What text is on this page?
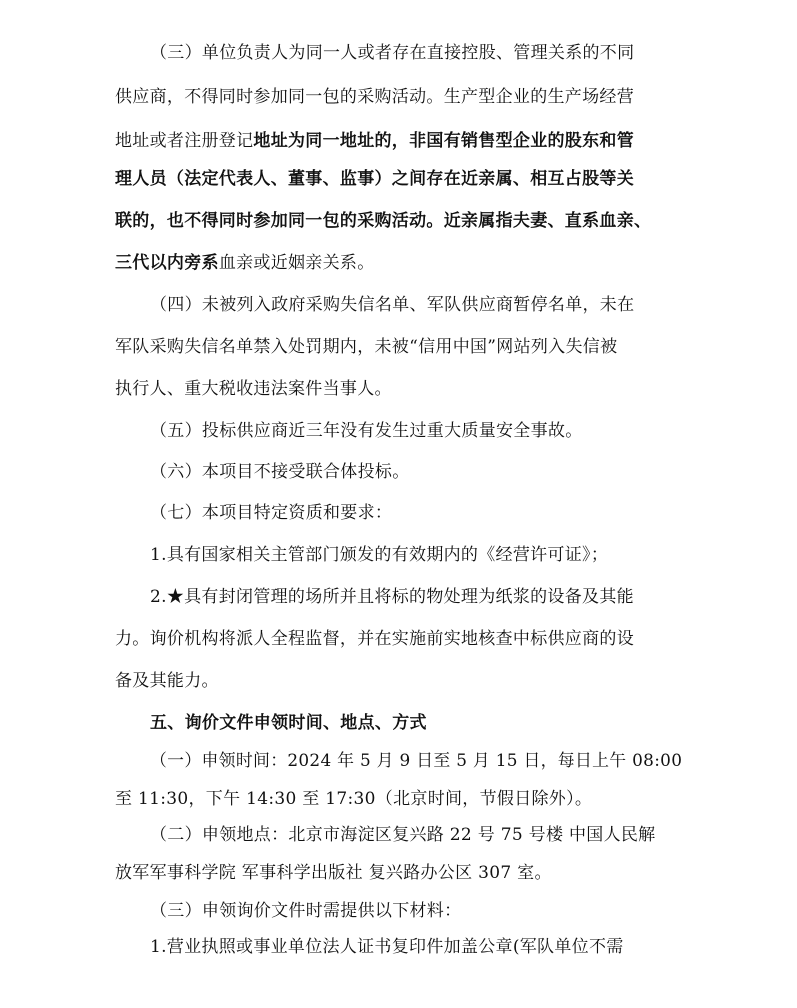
（三）单位负责人为同一人或者存在直接控股、管理关系的不同
供应商，不得同时参加同一包的采购活动。生产型企业的生产场经营
地址或者注册登记地址为同一地址的，非国有销售型企业的股东和管
理人员（法定代表人、董事、监事）之间存在近亲属、相互占股等关
联的，也不得同时参加同一包的采购活动。近亲属指夫妻、直系血亲、
三代以内旁系血亲或近姻亲关系。
（四）未被列入政府采购失信名单、军队供应商暂停名单，未在
军队采购失信名单禁入处罚期内，未被“信用中国”网站列入失信被
执行人、重大税收违法案件当事人。
（五）投标供应商近三年没有发生过重大质量安全事故。
（六）本项目不接受联合体投标。
（七）本项目特定资质和要求：
1.具有国家相关主管部门颁发的有效期内的《经营许可证》；
2.★具有封闭管理的场所并且将标的物处理为纸浆的设备及其能
力。询价机构将派人全程监督，并在实施前实地核查中标供应商的设
备及其能力。
五、询价文件申领时间、地点、方式
（一）申领时间：2024 年 5 月 9 日至 5 月 15 日，每日上午 08:00
至 11:30，下午 14:30 至 17:30（北京时间，节假日除外）。
（二）申领地点：北京市海淀区复兴路 22 号 75 号楼 中国人民解
放军军事科学院 军事科学出版社 复兴路办公区 307 室。
（三）申领询价文件时需提供以下材料：
1.营业执照或事业单位法人证书复印件加盖公章(军队单位不需
